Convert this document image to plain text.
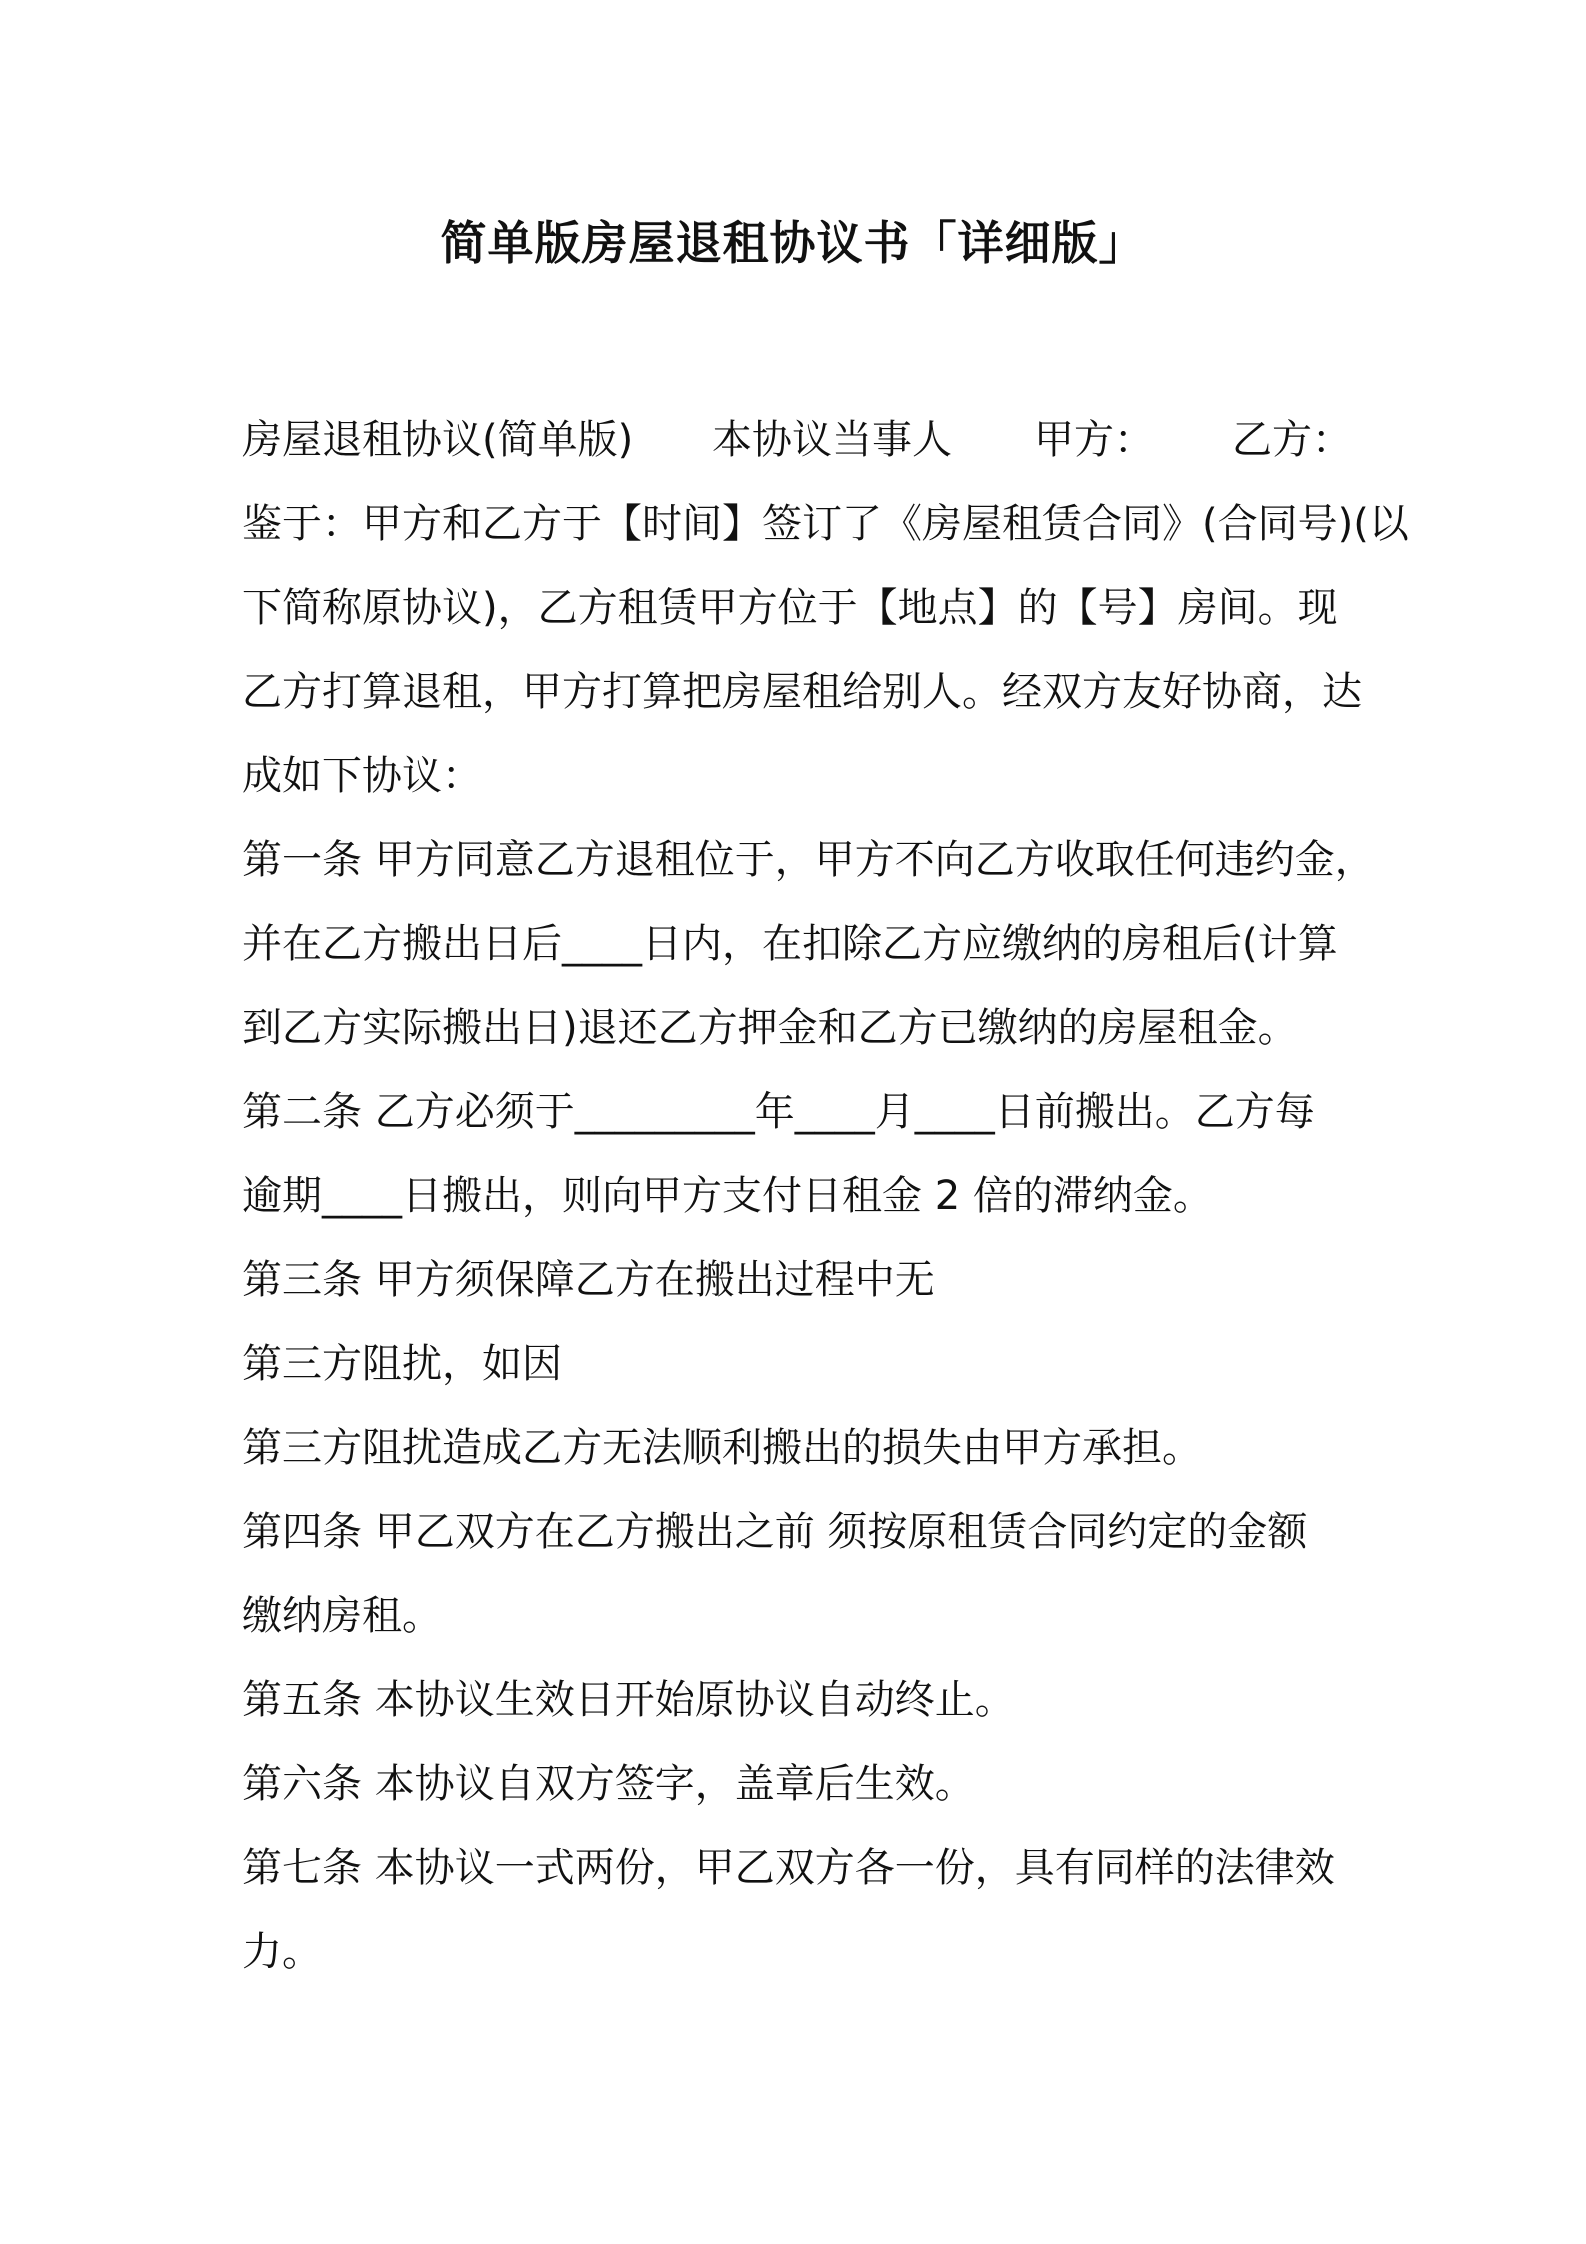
简单版房屋退租协议书「详细版」
房屋退租协议(简单版)	本协议当事人	甲方：	乙方：
鉴于：甲方和乙方于【时间】签订了《房屋租赁合同》(合同号)(以
下简称原协议)，乙方租赁甲方位于【地点】的【号】房间。现
乙方打算退租，甲方打算把房屋租给别人。经双方友好协商，达
成如下协议：
第一条 甲方同意乙方退租位于，甲方不向乙方收取任何违约金，
并在乙方搬出日后____日内，在扣除乙方应缴纳的房租后(计算
到乙方实际搬出日)退还乙方押金和乙方已缴纳的房屋租金。
第二条 乙方必须于_________年____月____日前搬出。乙方每
逾期____日搬出，则向甲方支付日租金 2 倍的滞纳金。
第三条 甲方须保障乙方在搬出过程中无
第三方阻扰，如因
第三方阻扰造成乙方无法顺利搬出的损失由甲方承担。
第四条 甲乙双方在乙方搬出之前 须按原租赁合同约定的金额
缴纳房租。
第五条 本协议生效日开始原协议自动终止。
第六条 本协议自双方签字，盖章后生效。
第七条 本协议一式两份，甲乙双方各一份，具有同样的法律效
力。
